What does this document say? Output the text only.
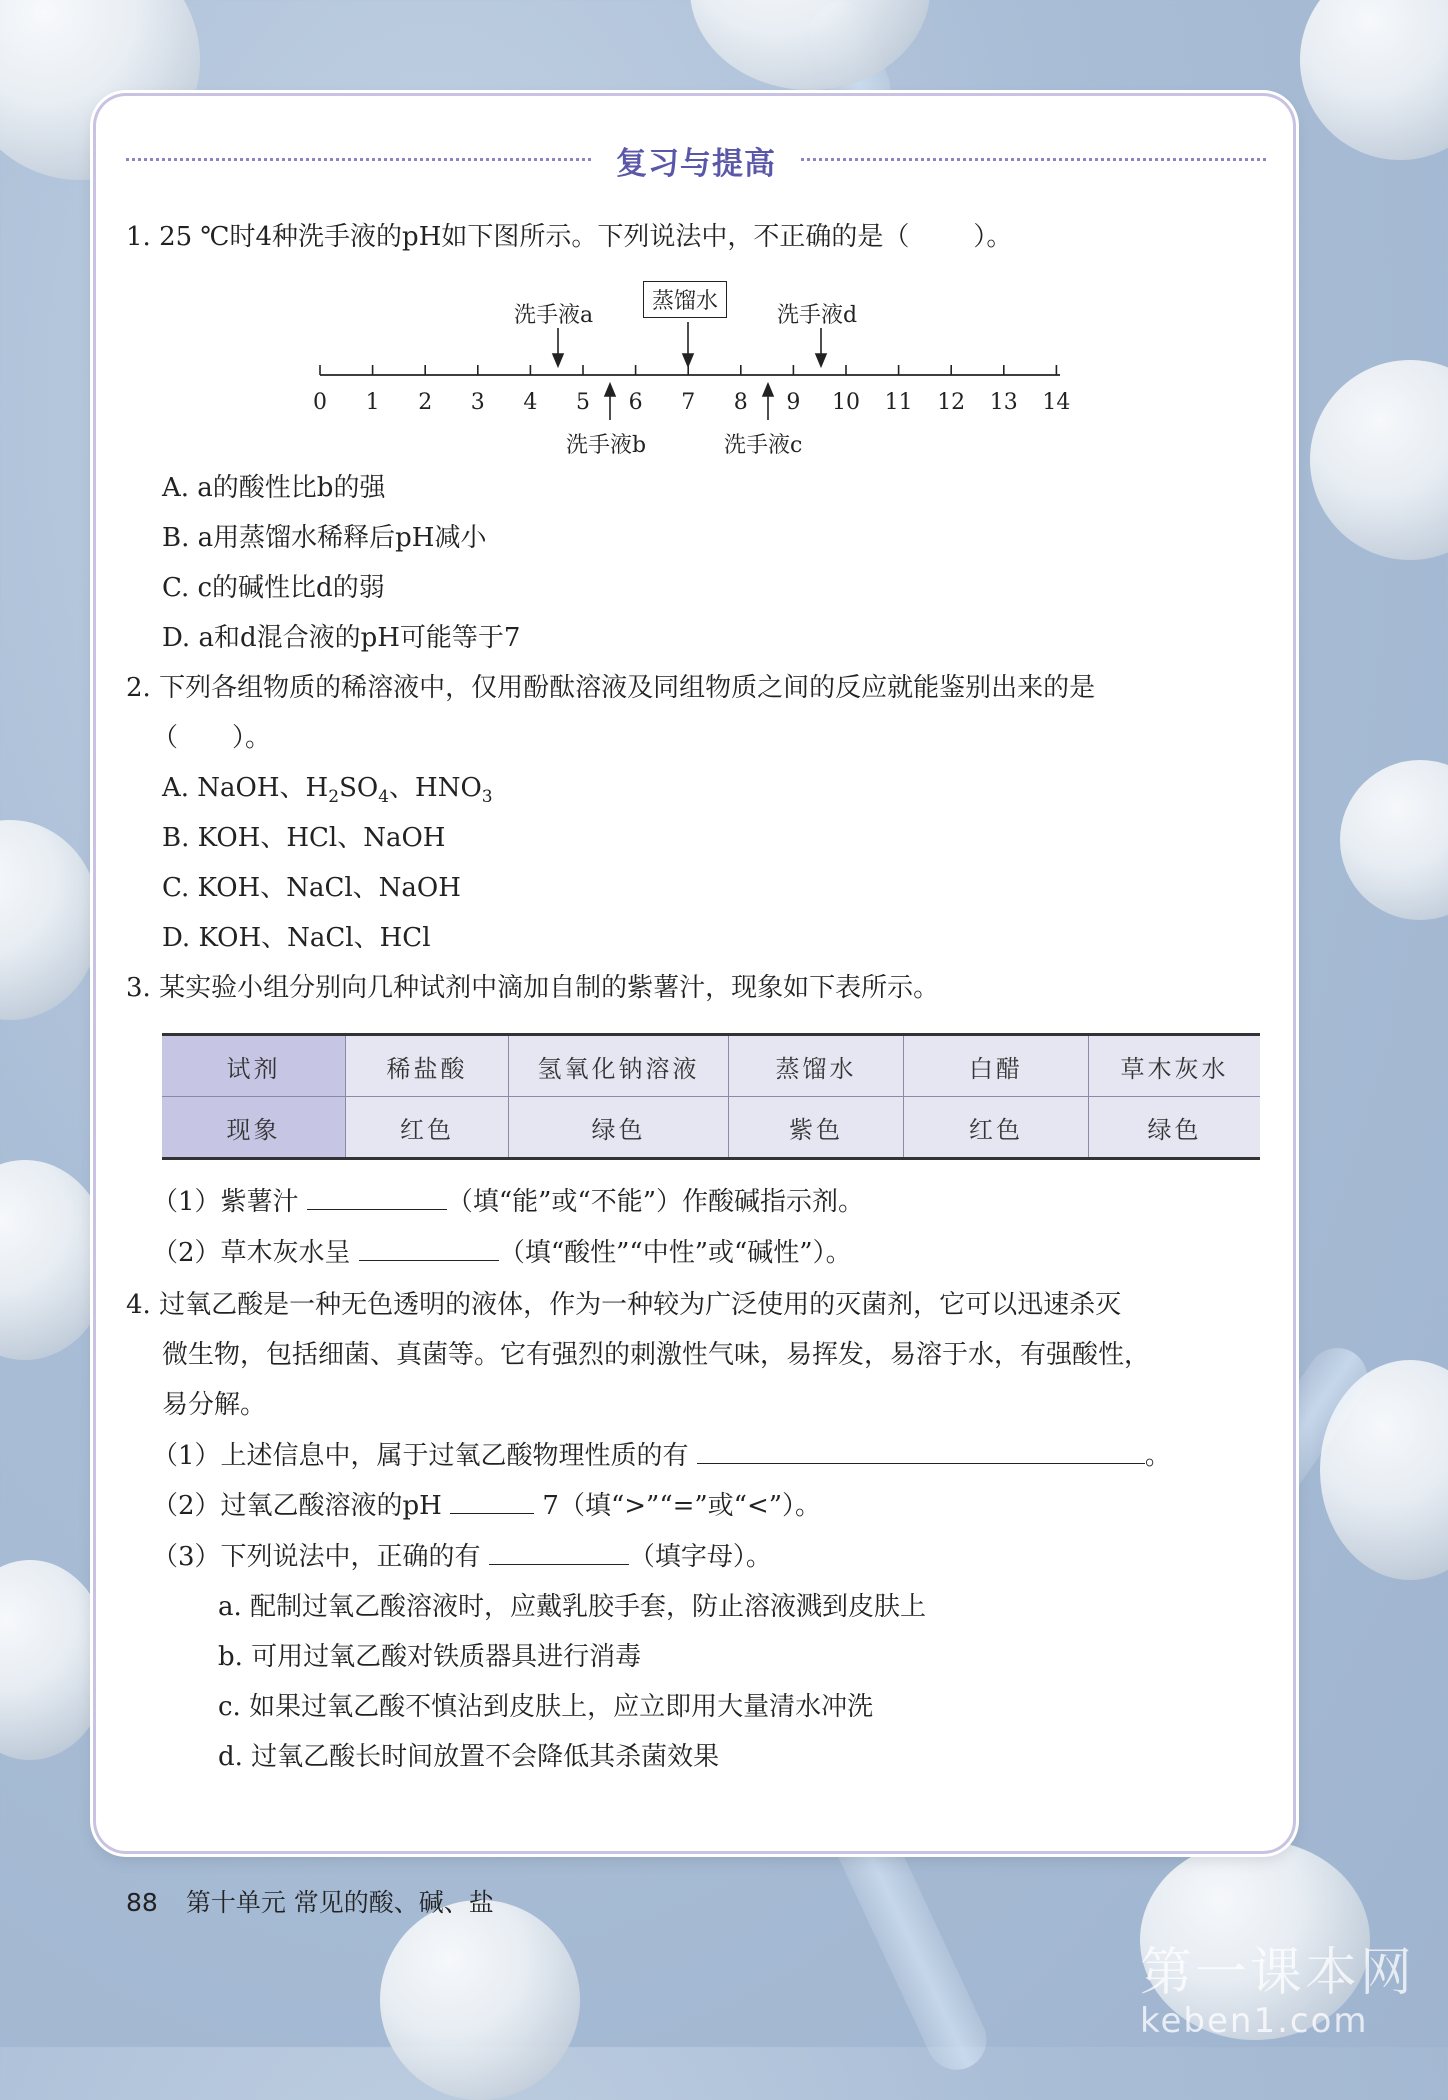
复习与提高
1. 25 ℃时4种洗手液的pH如下图所示。下列说法中，不正确的是（ ）。
0	1	2	3	4	5	6	7	8	9	10 11 12 13 14
洗手液a
蒸馏水
洗手液d
洗手液b	洗手液c
A. a的酸性比b的强
B. a用蒸馏水稀释后pH减小
C. c的碱性比d的弱
D. a和d混合液的pH可能等于7
2. 下列各组物质的稀溶液中，仅用酚酞溶液及同组物质之间的反应就能鉴别出来的是
（ ）。
A. NaOH、$H_2SO_4$、$HNO_3$
B. KOH、HCl、NaOH
C. KOH、NaCl、NaOH
D. KOH、NaCl、HCl
3. 某实验小组分别向几种试剂中滴加自制的紫薯汁，现象如下表所示。
试剂	稀盐酸	氢氧化钠溶液	蒸馏水	白醋	草木灰水
现象	红色	绿色	紫色	红色	绿色
（1）紫薯汁	（填“能”或“不能”）作酸碱指示剂。
（2）草木灰水呈	（填“酸性”“中性”或“碱性”）。
4. 过氧乙酸是一种无色透明的液体，作为一种较为广泛使用的灭菌剂，它可以迅速杀灭
微生物，包括细菌、真菌等。它有强烈的刺激性气味，易挥发，易溶于水，有强酸性，
易分解。
（1）上述信息中，属于过氧乙酸物理性质的有	。
（2）过氧乙酸溶液的pH	7（填“>”“=”或“<”）。
（3）下列说法中，正确的有	（填字母）。
a. 配制过氧乙酸溶液时，应戴乳胶手套，防止溶液溅到皮肤上
b. 可用过氧乙酸对铁质器具进行消毒
c. 如果过氧乙酸不慎沾到皮肤上，应立即用大量清水冲洗
d. 过氧乙酸长时间放置不会降低其杀菌效果
88 第十单元 常见的酸、碱、盐
第一课本网
keben1.com
